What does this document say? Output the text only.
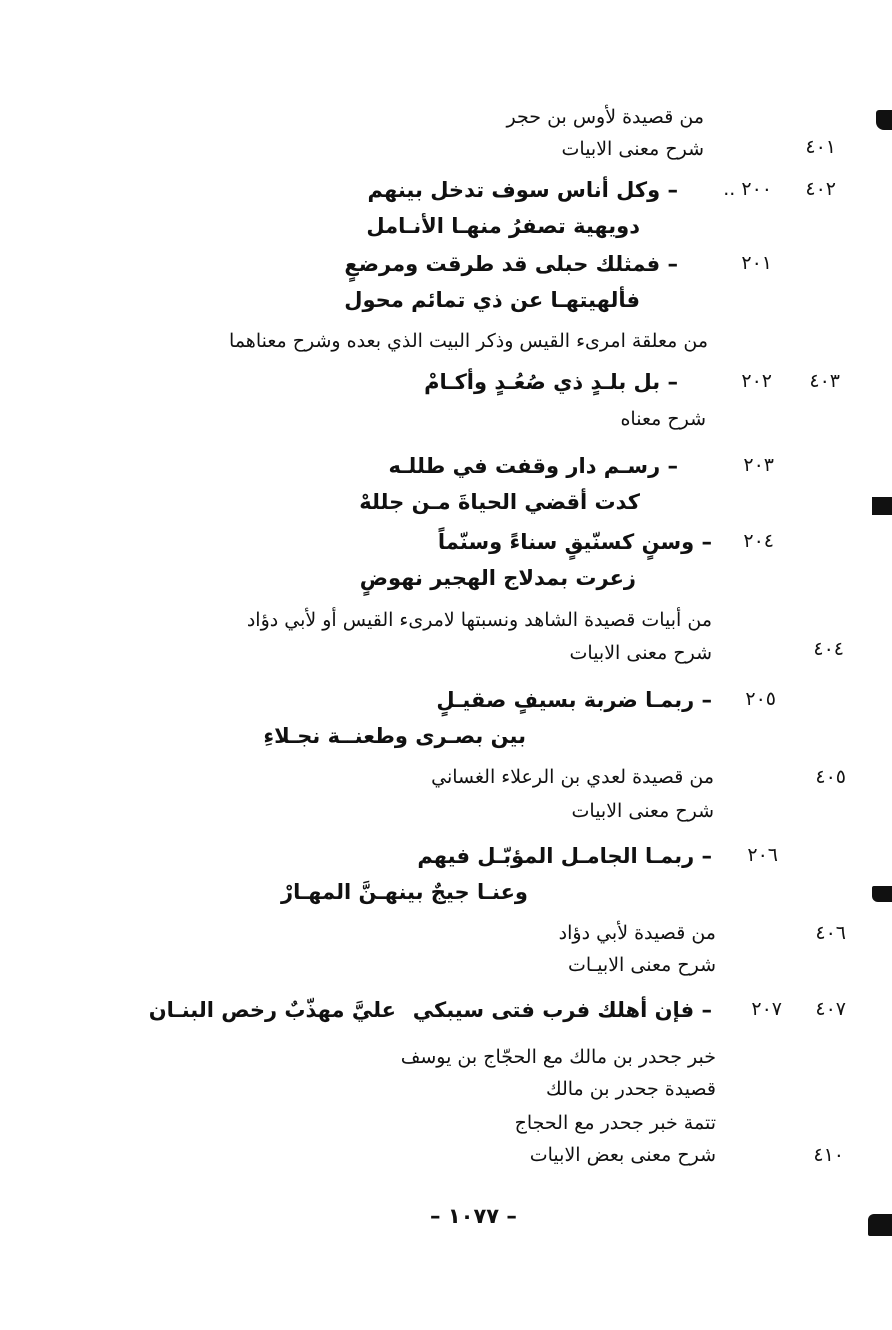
من قصيدة لأوس بن حجر
شرح معنى الابيات	٤٠١
٤٠٢
٢٠٠ ..
– وكل أناس سوف تدخل بينهم
دويهية تصفرُ منهـا الأنـامل
٢٠١
– فمثلك حبلى قد طرقت ومرضعٍ
فألهيتهـا عن ذي تمائم محول
من معلقة امرىء القيس وذكر البيت الذي بعده وشرح معناهما
٤٠٣
٢٠٢
– بل بلـدٍ ذي صُعُـدٍ وأكـامْ
شرح معناه
٢٠٣
– رسـم دار وقفت في طللـه
كدت أقضي الحياةَ مـن جللهْ
٢٠٤
– وسنٍ كسنّيقٍ سناءً وسنّماً
زعرت بمدلاج الهجير نهوضٍ
من أبيات قصيدة الشاهد ونسبتها لامرىء القيس أو لأبي دؤاد
٤٠٤
شرح معنى الابيات
٢٠٥
– ربمـا ضربة بسيفٍ صقيـلٍ
بين بصـرى وطعنــة نجـلاءِ
٤٠٥
من قصيدة لعدي بن الرعلاء الغساني
شرح معنى الابيات
٢٠٦
– ربمـا الجامـل المؤبّـل فيهم
وعنـا جيجٌ بينهـنَّ المهـارْ
٤٠٦
من قصيدة لأبي دؤاد
شرح معنى الابيـات
٤٠٧
٢٠٧
– فإن أهلك فرب فتى سيبكي
عليَّ مهذّبٌ رخص البنـان
خبر جحدر بن مالك مع الحجّاج بن يوسف
قصيدة جحدر بن مالك
تتمة خبر جحدر مع الحجاج
شرح معنى بعض الابيات	٤١٠
– ١٠٧٧ –
